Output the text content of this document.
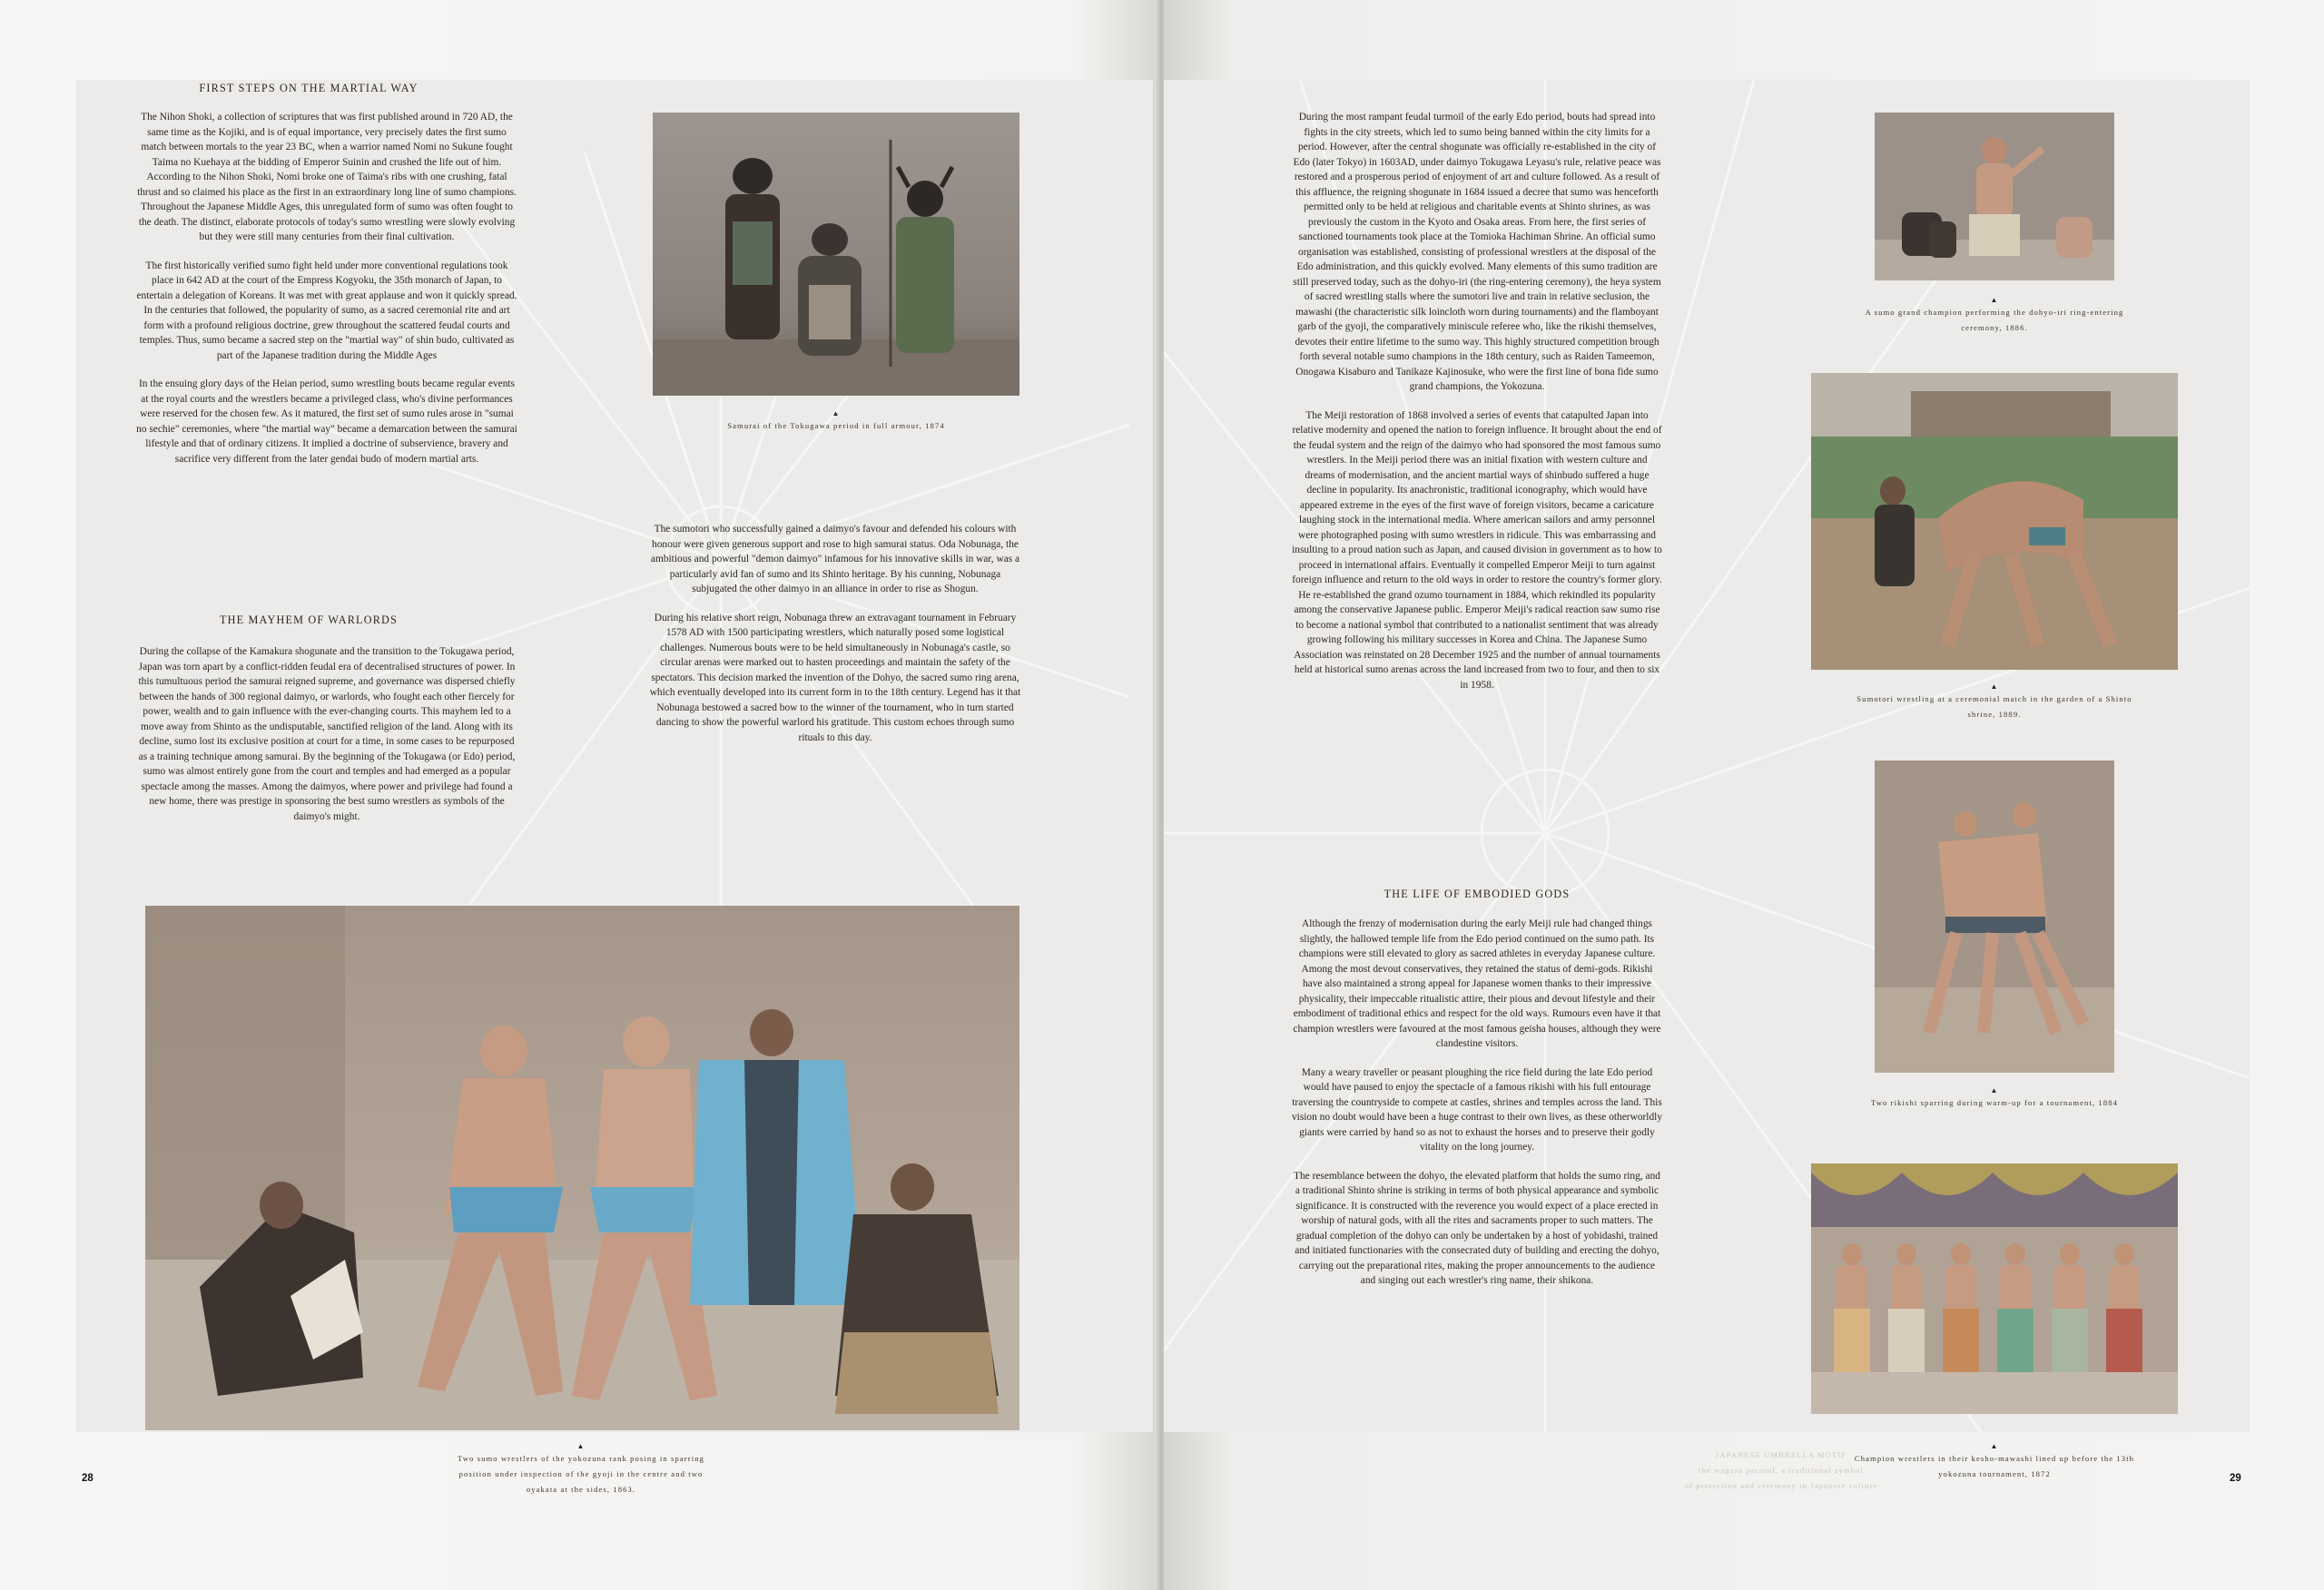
FIRST STEPS ON THE MARTIAL WAY

The Nihon Shoki, a collection of scriptures that was first published around in 720 AD, the same time as the Kojiki, and is of equal importance, very precisely dates the first sumo match between mortals to the year 23 BC, when a warrior named Nomi no Sukune fought Taima no Kuehaya at the bidding of Emperor Suinin and crushed the life out of him. According to the Nihon Shoki, Nomi broke one of Taima's ribs with one crushing, fatal thrust and so claimed his place as the first in an extraordinary long line of sumo champions. Throughout the Japanese Middle Ages, this unregulated form of sumo was often fought to the death. The distinct, elaborate protocols of today's sumo wrestling were slowly evolving but they were still many centuries from their final cultivation.

The first historically verified sumo fight held under more conventional regulations took place in 642 AD at the court of the Empress Kogyoku, the 35th monarch of Japan, to entertain a delegation of Koreans. It was met with great applause and won it quickly spread. In the centuries that followed, the popularity of sumo, as a sacred ceremonial rite and art form with a profound religious doctrine, grew throughout the scattered feudal courts and temples. Thus, sumo became a sacred step on the "martial way" of shin budo, cultivated as part of the Japanese tradition during the Middle Ages

In the ensuing glory days of the Heian period, sumo wrestling bouts became regular events at the royal courts and the wrestlers became a privileged class, who's divine performances were reserved for the chosen few. As it matured, the first set of sumo rules arose in "sumai no sechie" ceremonies, where "the martial way" became a demarcation between the samurai lifestyle and that of ordinary citizens. It implied a doctrine of subservience, bravery and sacrifice very different from the later gendai budo of modern martial arts.

THE MAYHEM OF WARLORDS

During the collapse of the Kamakura shogunate and the transition to the Tokugawa period, Japan was torn apart by a conflict-ridden feudal era of decentralised structures of power. In this tumultuous period the samurai reigned supreme, and governance was dispersed chiefly between the hands of 300 regional daimyo, or warlords, who fought each other fiercely for power, wealth and to gain influence with the ever-changing courts. This mayhem led to a move away from Shinto as the undisputable, sanctified religion of the land. Along with its decline, sumo lost its exclusive position at court for a time, in some cases to be repurposed as a training technique among samurai. By the beginning of the Tokugawa (or Edo) period, sumo was almost entirely gone from the court and temples and had emerged as a popular spectacle among the masses. Among the daimyos, where power and privilege had found a new home, there was prestige in sponsoring the best sumo wrestlers as symbols of the daimyo's might.

▲
Samurai of the Tokugawa period in full armour, 1874

The sumotori who successfully gained a daimyo's favour and defended his colours with honour were given generous support and rose to high samurai status. Oda Nobunaga, the ambitious and powerful "demon daimyo" infamous for his innovative skills in war, was a particularly avid fan of sumo and its Shinto heritage. By his cunning, Nobunaga subjugated the other daimyo in an alliance in order to rise as Shogun.

During his relative short reign, Nobunaga threw an extravagant tournament in February 1578 AD with 1500 participating wrestlers, which naturally posed some logistical challenges. Numerous bouts were to be held simultaneously in Nobunaga's castle, so circular arenas were marked out to hasten proceedings and maintain the safety of the spectators. This decision marked the invention of the Dohyo, the sacred sumo ring arena, which eventually developed into its current form in to the 18th century. Legend has it that Nobunaga bestowed a sacred bow to the winner of the tournament, who in turn started dancing to show the powerful warlord his gratitude. This custom echoes through sumo rituals to this day.

▲
Two sumo wrestlers of the yokozuna rank posing in sparring position under inspection of the gyoji in the centre and two oyakata at the sides, 1863.
28

During the most rampant feudal turmoil of the early Edo period, bouts had spread into fights in the city streets, which led to sumo being banned within the city limits for a period. However, after the central shogunate was officially re-established in the city of Edo (later Tokyo) in 1603AD, under daimyo Tokugawa Leyasu's rule, relative peace was restored and a prosperous period of enjoyment of art and culture followed. As a result of this affluence, the reigning shogunate in 1684 issued a decree that sumo was henceforth permitted only to be held at religious and charitable events at Shinto shrines, as was previously the custom in the Kyoto and Osaka areas. From here, the first series of sanctioned tournaments took place at the Tomioka Hachiman Shrine. An official sumo organisation was established, consisting of professional wrestlers at the disposal of the Edo administration, and this quickly evolved. Many elements of this sumo tradition are still preserved today, such as the dohyo-iri (the ring-entering ceremony), the heya system of sacred wrestling stalls where the sumotori live and train in relative seclusion, the mawashi (the characteristic silk loincloth worn during tournaments) and the flamboyant garb of the gyoji, the comparatively miniscule referee who, like the rikishi themselves, devotes their entire lifetime to the sumo way. This highly structured competition brough forth several notable sumo champions in the 18th century, such as Raiden Tameemon, Onogawa Kisaburo and Tanikaze Kajinosuke, who were the first line of bona fide sumo grand champions, the Yokozuna.

The Meiji restoration of 1868 involved a series of events that catapulted Japan into relative modernity and opened the nation to foreign influence. It brought about the end of the feudal system and the reign of the daimyo who had sponsored the most famous sumo wrestlers. In the Meiji period there was an initial fixation with western culture and dreams of modernisation, and the ancient martial ways of shinbudo suffered a huge decline in popularity. Its anachronistic, traditional iconography, which would have appeared extreme in the eyes of the first wave of foreign visitors, became a caricature laughing stock in the international media. Where american sailors and army personnel were photographed posing with sumo wrestlers in ridicule. This was embarrassing and insulting to a proud nation such as Japan, and caused division in government as to how to proceed in international affairs. Eventually it compelled Emperor Meiji to turn against foreign influence and return to the old ways in order to restore the country's former glory. He re-established the grand ozumo tournament in 1884, which rekindled its popularity among the conservative Japanese public. Emperor Meiji's radical reaction saw sumo rise to become a national symbol that contributed to a nationalist sentiment that was already growing following his military successes in Korea and China. The Japanese Sumo Association was reinstated on 28 December 1925 and the number of annual tournaments held at historical sumo arenas across the land increased from two to four, and then to six in 1958.

THE LIFE OF EMBODIED GODS

Although the frenzy of modernisation during the early Meiji rule had changed things slightly, the hallowed temple life from the Edo period continued on the sumo path. Its champions were still elevated to glory as sacred athletes in everyday Japanese culture. Among the most devout conservatives, they retained the status of demi-gods. Rikishi have also maintained a strong appeal for Japanese women thanks to their impressive physicality, their impeccable ritualistic attire, their pious and devout lifestyle and their embodiment of traditional ethics and respect for the old ways. Rumours even have it that champion wrestlers were favoured at the most famous geisha houses, although they were clandestine visitors.

Many a weary traveller or peasant ploughing the rice field during the late Edo period would have paused to enjoy the spectacle of a famous rikishi with his full entourage traversing the countryside to compete at castles, shrines and temples across the land. This vision no doubt would have been a huge contrast to their own lives, as these otherworldly giants were carried by hand so as not to exhaust the horses and to preserve their godly vitality on the long journey.

The resemblance between the dohyo, the elevated platform that holds the sumo ring, and a traditional Shinto shrine is striking in terms of both physical appearance and symbolic significance. It is constructed with the reverence you would expect of a place erected in worship of natural gods, with all the rites and sacraments proper to such matters. The gradual completion of the dohyo can only be undertaken by a host of yobidashi, trained and initiated functionaries with the consecrated duty of building and erecting the dohyo, carrying out the preparational rites, making the proper announcements to the audience and singing out each wrestler's ring name, their shikona.

▲
A sumo grand champion performing the dohyo-iri ring-entering ceremony, 1886.
▲
Sumotori wrestling at a ceremonial match in the garden of a Shinto shrine, 1889.
▲
Two rikishi sparring during warm-up for a tournament, 1884
▲
Champion wrestlers in their kesho-mawashi lined up before the 13th yokozuna tournament, 1872
JAPANESE UMBRELLA MOTIF
the wagasa parasol, a traditional symbol
of protection and ceremony in Japanese culture
29
